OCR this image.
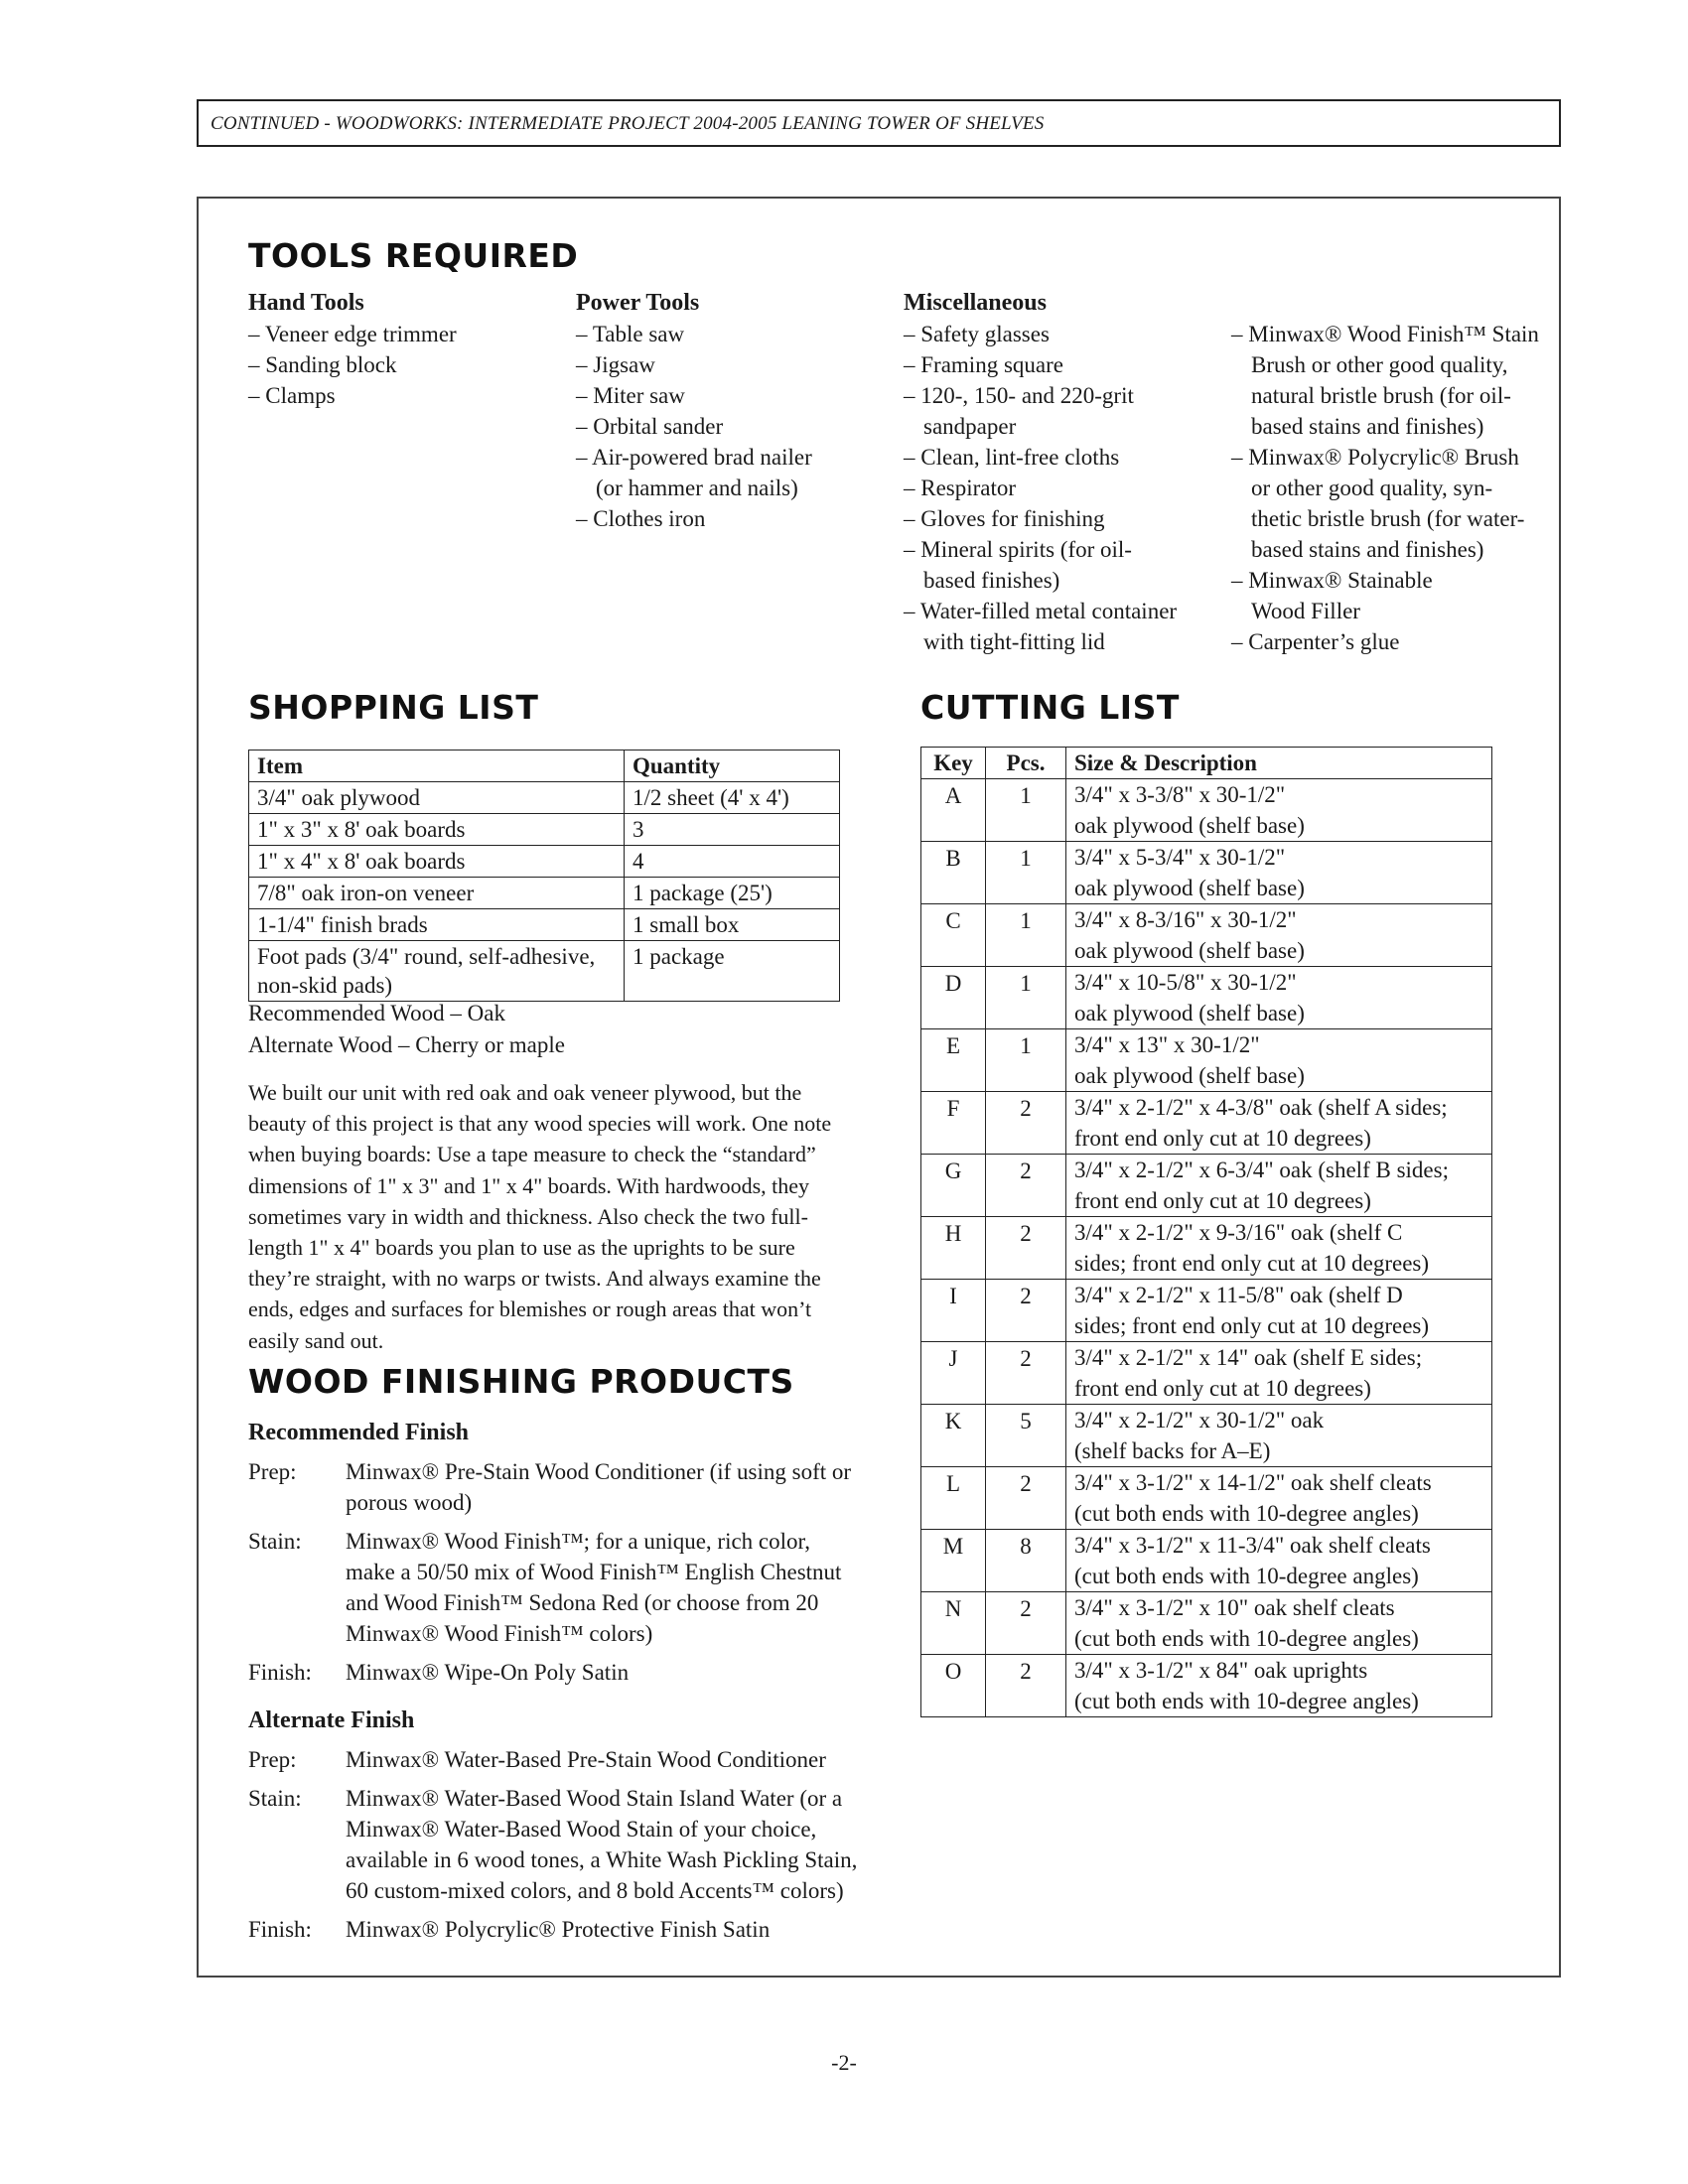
CONTINUED - WOODWORKS: INTERMEDIATE PROJECT 2004-2005 LEANING TOWER OF SHELVES
TOOLS REQUIRED
Hand Tools
– Veneer edge trimmer
– Sanding block
– Clamps
Power Tools
– Table saw
– Jigsaw
– Miter saw
– Orbital sander
– Air-powered brad nailer
(or hammer and nails)
– Clothes iron
Miscellaneous
– Safety glasses
– Framing square
– 120-, 150- and 220-grit
sandpaper
– Clean, lint-free cloths
– Respirator
– Gloves for finishing
– Mineral spirits (for oil-
based finishes)
– Water-filled metal container
with tight-fitting lid
– Minwax® Wood Finish™ Stain
Brush or other good quality,
natural bristle brush (for oil-
based stains and finishes)
– Minwax® Polycrylic® Brush
or other good quality, syn-
thetic bristle brush (for water-
based stains and finishes)
– Minwax® Stainable
Wood Filler
– Carpenter’s glue
SHOPPING LIST
Item	Quantity
3/4" oak plywood	1/2 sheet (4' x 4')
1" x 3" x 8' oak boards	3
1" x 4" x 8' oak boards	4
7/8" oak iron-on veneer	1 package (25')
1-1/4" finish brads	1 small box
Foot pads (3/4" round, self-adhesive, non-skid pads)	1 package
Recommended Wood – Oak
Alternate Wood – Cherry or maple
We built our unit with red oak and oak veneer plywood, but the beauty of this project is that any wood species will work. One note when buying boards: Use a tape measure to check the “standard” dimensions of 1" x 3" and 1" x 4" boards. With hardwoods, they sometimes vary in width and thickness. Also check the two full-length 1" x 4" boards you plan to use as the uprights to be sure they’re straight, with no warps or twists. And always examine the ends, edges and surfaces for blemishes or rough areas that won’t easily sand out.
WOOD FINISHING PRODUCTS
Recommended Finish
Prep:	Minwax® Pre-Stain Wood Conditioner (if using soft or porous wood)
Stain:	Minwax® Wood Finish™; for a unique, rich color, make a 50/50 mix of Wood Finish™ English Chestnut and Wood Finish™ Sedona Red (or choose from 20 Minwax® Wood Finish™ colors)
Finish:	Minwax® Wipe-On Poly Satin
Alternate Finish
Prep:	Minwax® Water-Based Pre-Stain Wood Conditioner
Stain:	Minwax® Water-Based Wood Stain Island Water (or a Minwax® Water-Based Wood Stain of your choice, available in 6 wood tones, a White Wash Pickling Stain, 60 custom-mixed colors, and 8 bold Accents™ colors)
Finish:	Minwax® Polycrylic® Protective Finish Satin
CUTTING LIST
Key	Pcs.	Size & Description
A	1	3/4" x 3-3/8" x 30-1/2"
oak plywood (shelf base)

B	1	3/4" x 5-3/4" x 30-1/2"
oak plywood (shelf base)

C	1	3/4" x 8-3/16" x 30-1/2"
oak plywood (shelf base)

D	1	3/4" x 10-5/8" x 30-1/2"
oak plywood (shelf base)

E	1	3/4" x 13" x 30-1/2"
oak plywood (shelf base)

F	2	3/4" x 2-1/2" x 4-3/8" oak (shelf A sides;
front end only cut at 10 degrees)

G	2	3/4" x 2-1/2" x 6-3/4" oak (shelf B sides;
front end only cut at 10 degrees)

H	2	3/4" x 2-1/2" x 9-3/16" oak (shelf C
sides; front end only cut at 10 degrees)

I	2	3/4" x 2-1/2" x 11-5/8" oak (shelf D
sides; front end only cut at 10 degrees)

J	2	3/4" x 2-1/2" x 14" oak (shelf E sides;
front end only cut at 10 degrees)

K	5	3/4" x 2-1/2" x 30-1/2" oak
(shelf backs for A–E)

L	2	3/4" x 3-1/2" x 14-1/2" oak shelf cleats
(cut both ends with 10-degree angles)

M	8	3/4" x 3-1/2" x 11-3/4" oak shelf cleats
(cut both ends with 10-degree angles)

N	2	3/4" x 3-1/2" x 10" oak shelf cleats
(cut both ends with 10-degree angles)

O	2	3/4" x 3-1/2" x 84" oak uprights
(cut both ends with 10-degree angles)
-2-
